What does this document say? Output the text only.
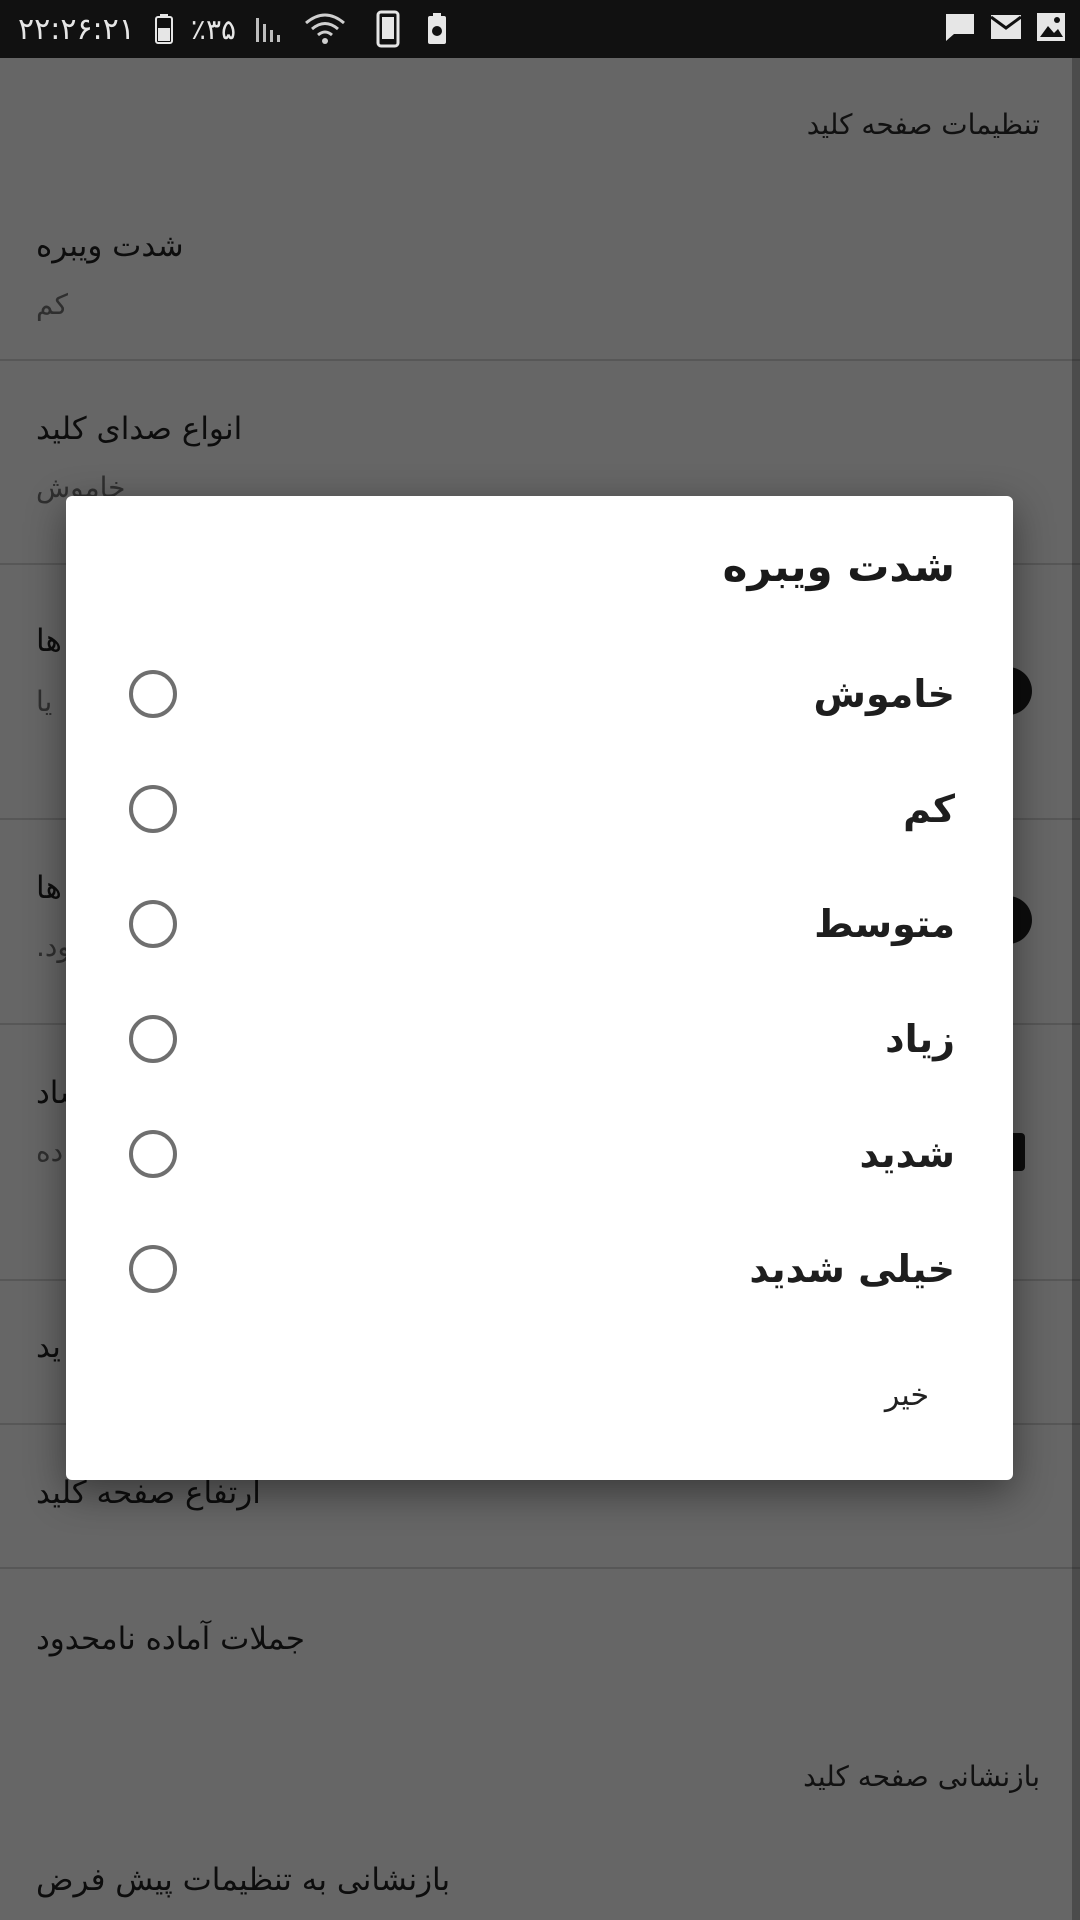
۲۲:۲۶:۲۱ ٪۳۵
شدت ویبره
خاموش
کم
متوسط
زیاد
شدید
خیلی شدید
خیر
